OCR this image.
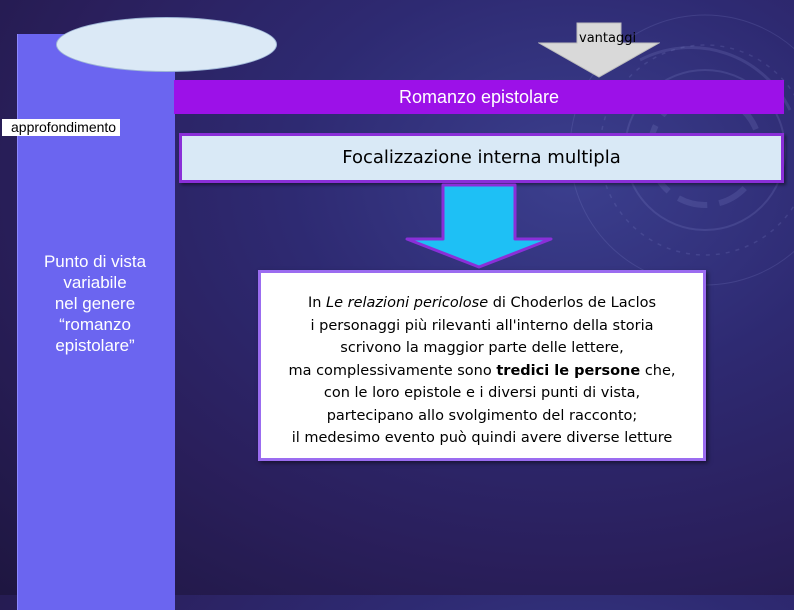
Punto di vista
variabile
nel genere
“romanzo
epistolare”
approfondimento
vantaggi
Romanzo epistolare
Focalizzazione interna multipla
In Le relazioni pericolose di Choderlos de Laclos
i personaggi più rilevanti all'interno della storia
scrivono la maggior parte delle lettere,
ma complessivamente sono tredici le persone che,
con le loro epistole e i diversi punti di vista,
partecipano allo svolgimento del racconto;
il medesimo evento può quindi avere diverse letture
